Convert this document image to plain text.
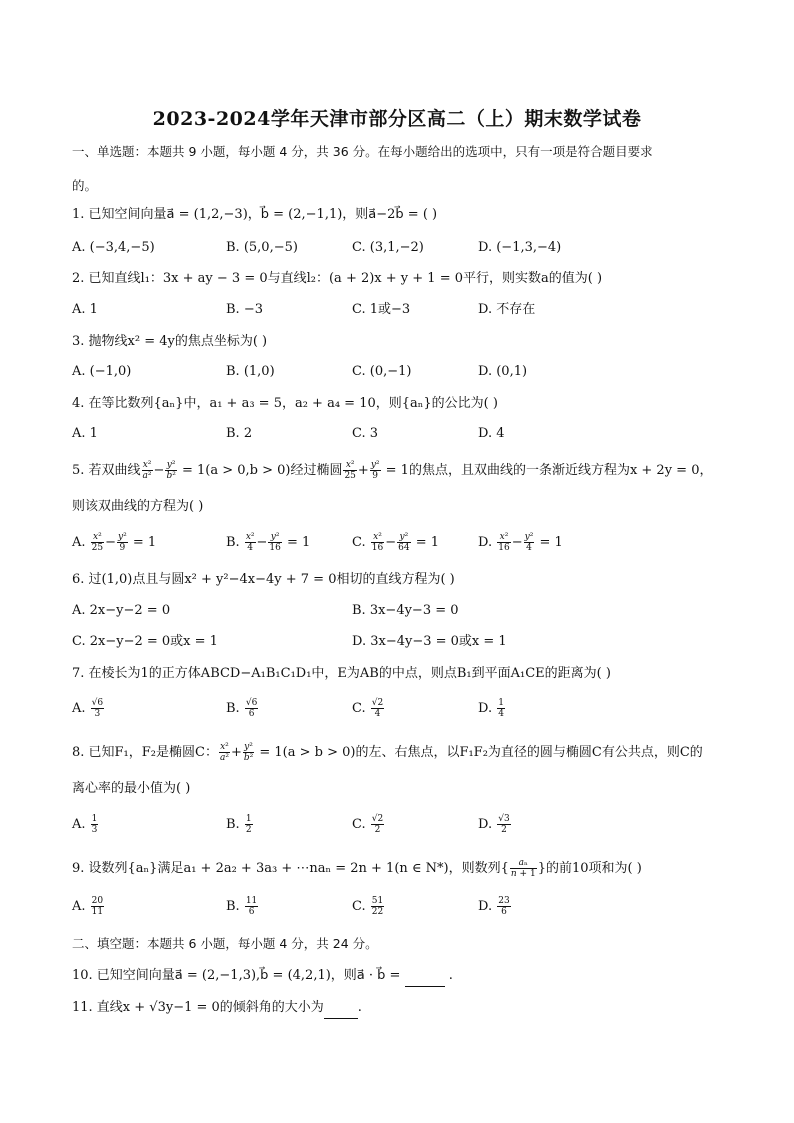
2023-2024学年天津市部分区高二（上）期末数学试卷
一、单选题：本题共 9 小题，每小题 4 分，共 36 分。在每小题给出的选项中，只有一项是符合题目要求
的。
1. 已知空间向量a⃗ = (1,2,−3)，b⃗ = (2,−1,1)，则a⃗−2b⃗ = ( )
A. (−3,4,−5)	B. (5,0,−5)	C. (3,1,−2)	D. (−1,3,−4)
2. 已知直线l₁：3x + ay − 3 = 0与直线l₂：(a + 2)x + y + 1 = 0平行，则实数a的值为( )
A. 1	B. −3	C. 1或−3	D. 不存在
3. 抛物线x² = 4y的焦点坐标为( )
A. (−1,0)	B. (1,0)	C. (0,−1)	D. (0,1)
4. 在等比数列{aₙ}中，a₁ + a₃ = 5，a₂ + a₄ = 10，则{aₙ}的公比为( )
A. 1	B. 2	C. 3	D. 4
5. 若双曲线 $\frac{\text{x²}}{\text{a²}} - \frac{\text{y²}}{\text{b²}} = 1(a > 0,b > 0)$经过椭圆 $\frac{\text{x²}}{25} + \frac{\text{y²}}{9} = 1$的焦点，且双曲线的一条渐近线方程为x + 2y = 0，
则该双曲线的方程为( )
A. $\frac{\text{x²}}{25} - \frac{\text{y²}}{9} = 1$	B. $\frac{\text{x²}}{4} - \frac{\text{y²}}{16} = 1$	C. $\frac{\text{x²}}{16} - \frac{\text{y²}}{64} = 1$	D. $\frac{\text{x²}}{16} - \frac{\text{y²}}{4} = 1$
6. 过(1,0)点且与圆x² + y²−4x−4y + 7 = 0相切的直线方程为( )
A. 2x−y−2 = 0	B. 3x−4y−3 = 0
C. 2x−y−2 = 0或x = 1	D. 3x−4y−3 = 0或x = 1
7. 在棱长为1的正方体ABCD−A₁B₁C₁D₁中，E为AB的中点，则点B₁到平面A₁CE的距离为( )
A. $\frac{√6}{3}$	B. $\frac{√6}{6}$	C. $\frac{√2}{4}$	D. $\frac{1}{4}$
8. 已知F₁，F₂是椭圆C： $\frac{\text{x²}}{\text{a²}} + \frac{\text{y²}}{\text{b²}} = 1(a > b > 0)$的左、右焦点，以F₁F₂为直径的圆与椭圆C有公共点，则C的
离心率的最小值为( )
A. $\frac{1}{3}$	B. $\frac{1}{2}$	C. $\frac{√2}{2}$	D. $\frac{√3}{2}$
9. 设数列{aₙ}满足a₁ + 2a₂ + 3a₃ + ⋯naₙ = 2n + 1(n ∈ N*)，则数列{ $\frac{\text{aₙ}}{n + 1}$ }的前10项和为( )
A. $\frac{20}{11}$	B. $\frac{11}{6}$	C. $\frac{51}{22}$	D. $\frac{23}{6}$
二、填空题：本题共 6 小题，每小题 4 分，共 24 分。
10. 已知空间向量a⃗ = (2,−1,3),b⃗ = (4,2,1)，则a⃗ · b⃗ =	.
11. 直线x + √3y−1 = 0的倾斜角的大小为	.
